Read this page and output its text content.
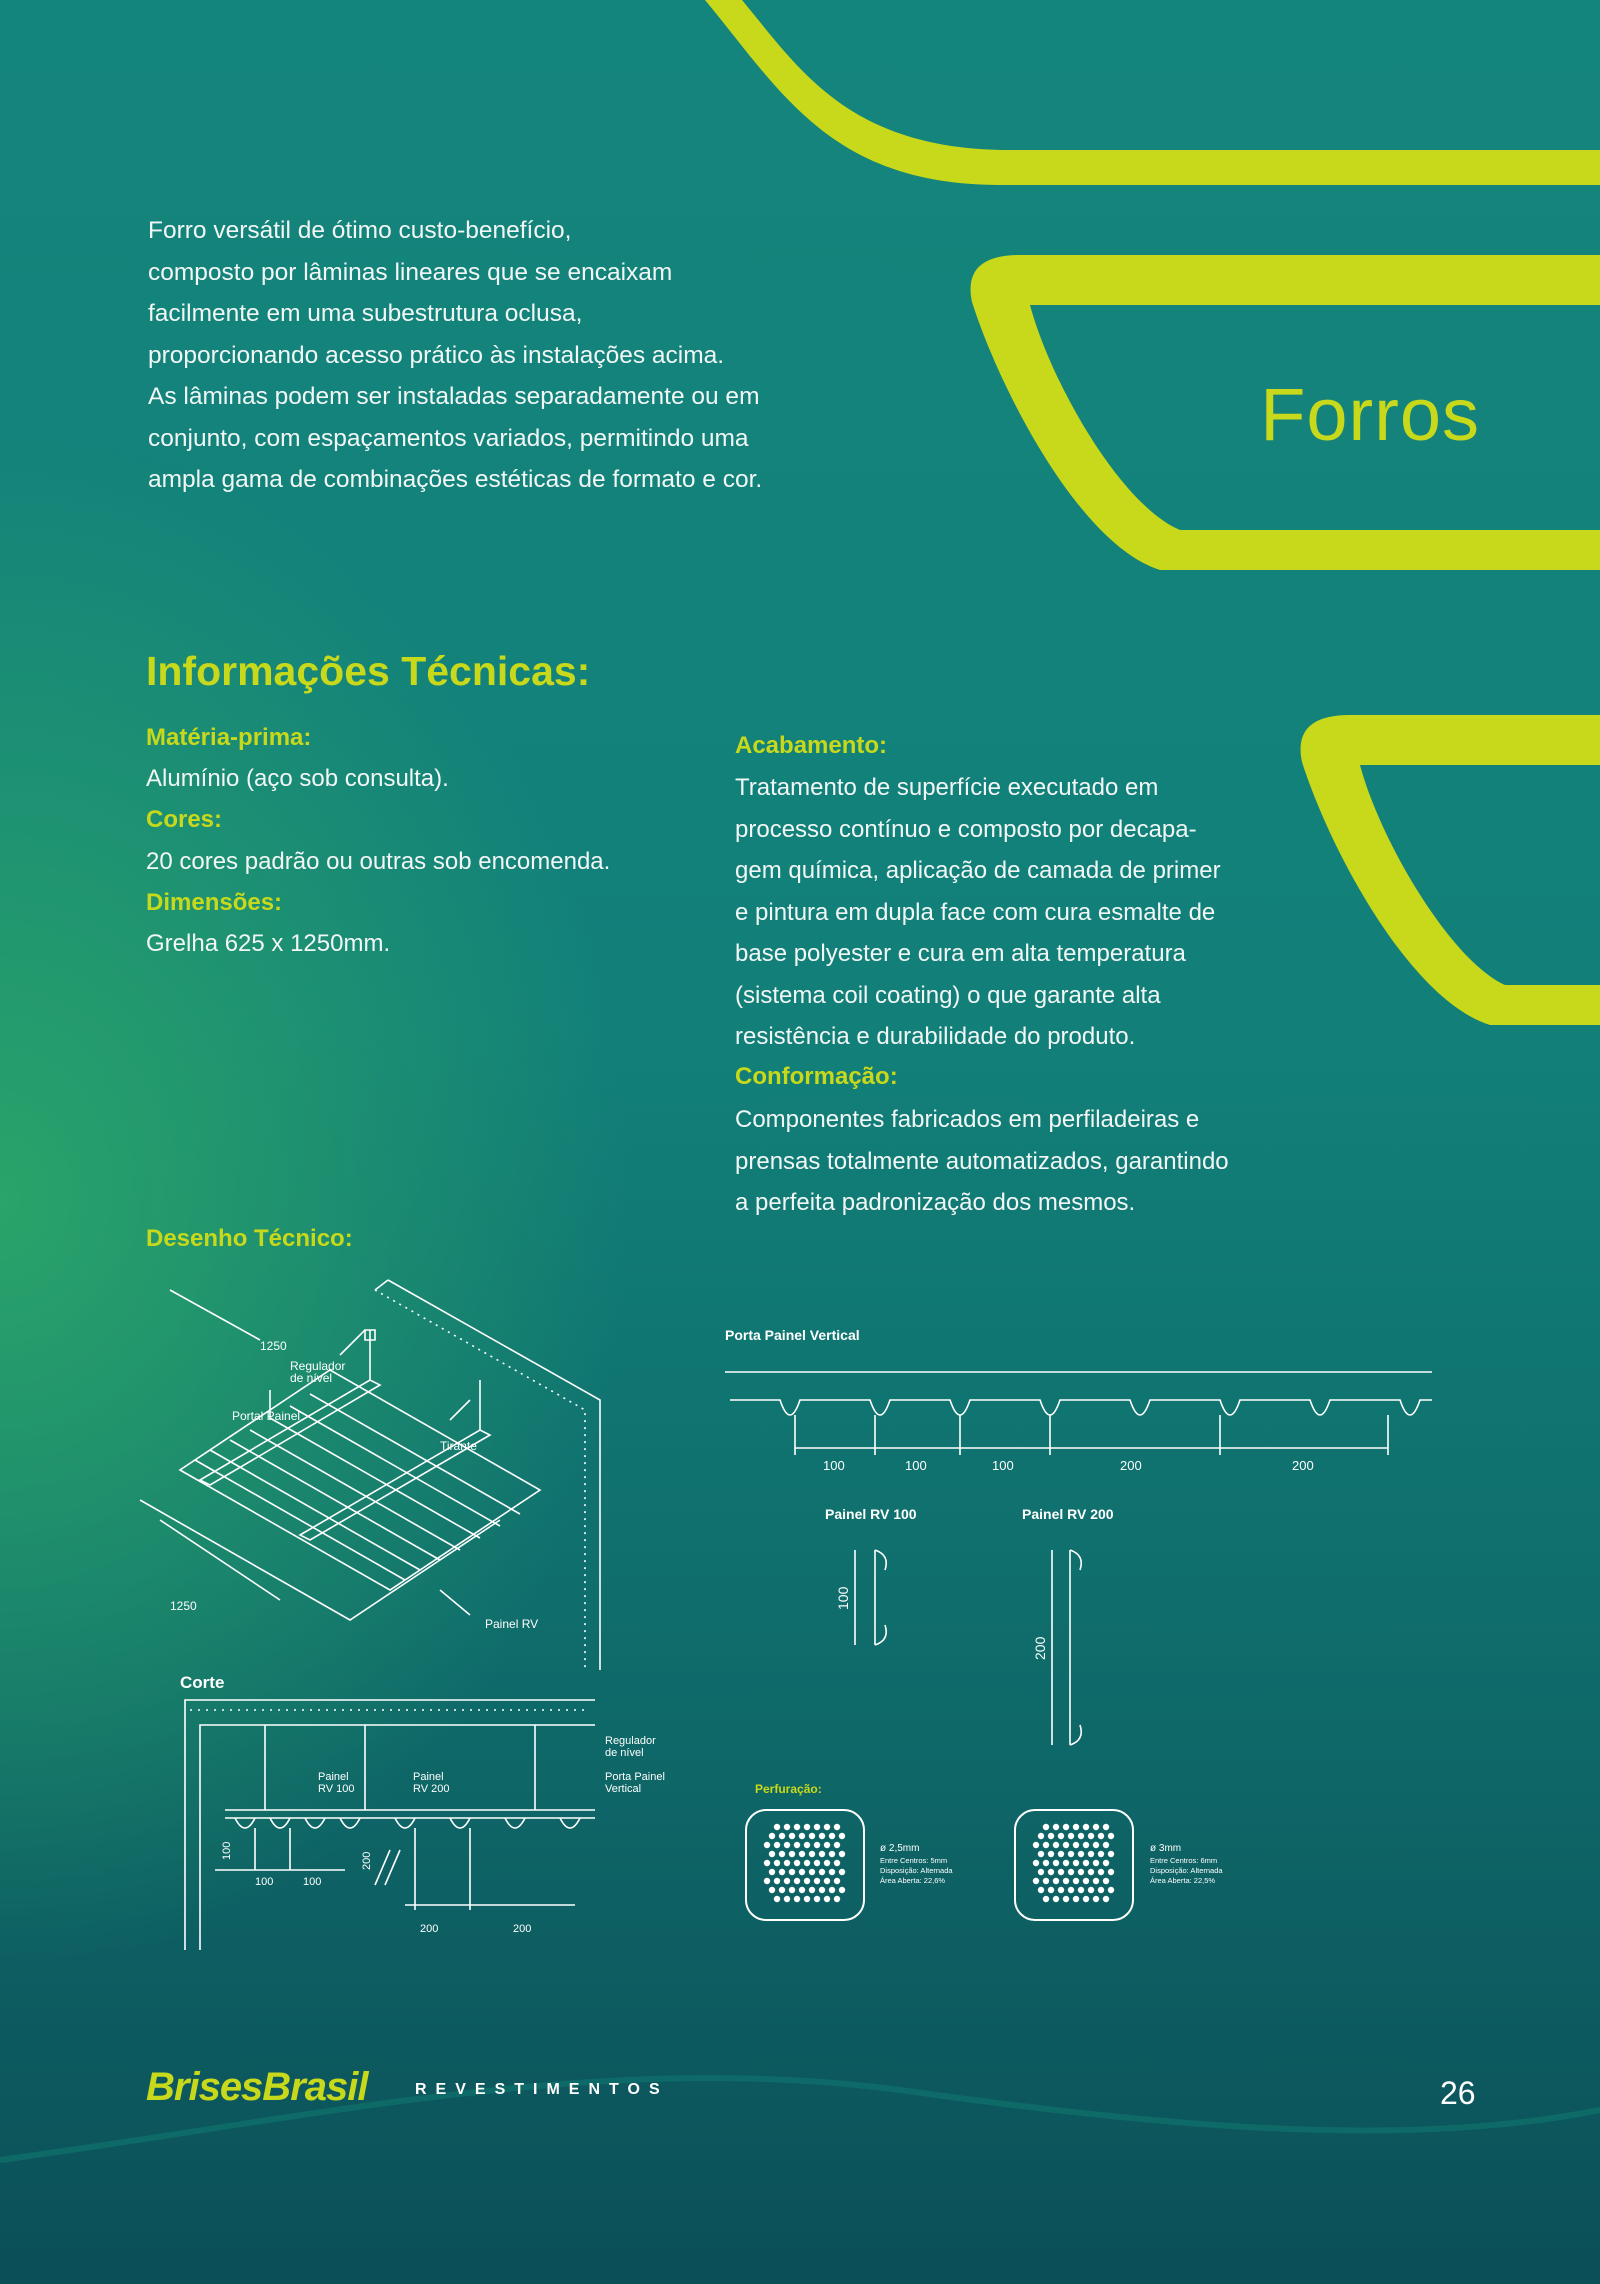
Forro versátil de ótimo custo-benefício,
composto por lâminas lineares que se encaixam
facilmente em uma subestrutura oclusa,
proporcionando acesso prático às instalações acima.
As lâminas podem ser instaladas separadamente ou em
conjunto, com espaçamentos variados, permitindo uma
ampla gama de combinações estéticas de formato e cor.

Forros
Informações Técnicas:
Matéria-prima:
Alumínio (aço sob consulta).
Cores:
20 cores padrão ou outras sob encomenda.
Dimensões:
Grelha 625 x 1250mm.
Acabamento:

Tratamento de superfície executado em
processo contínuo e composto por decapa-
gem química, aplicação de camada de primer
e pintura em dupla face com cura esmalte de
base polyester e cura em alta temperatura
(sistema coil coating) o que garante alta
resistência e durabilidade do produto.

Conformação:

Componentes fabricados em perfiladeiras e
prensas totalmente automatizados, garantindo
a perfeita padronização dos mesmos.

Desenho Técnico:
1250
Regulador
de nível
Portal Painel
Tirante
1250
Painel RV
Corte
Regulador
de nível
Porta Painel
Vertical
Painel
RV 100
Painel
RV 200
100
200
100	100
200	200
Porta Painel Vertical
100	100	100	200	200
Painel RV 100	Painel RV 200
100
200
Perfuração:
ø 2,5mm
Entre Centros: 5mm
Disposição: Alternada
Área Aberta: 22,6%
ø 3mm
Entre Centros: 6mm
Disposição: Alternada
Área Aberta: 22,5%
BrisesBrasil	REVESTIMENTOS	26
